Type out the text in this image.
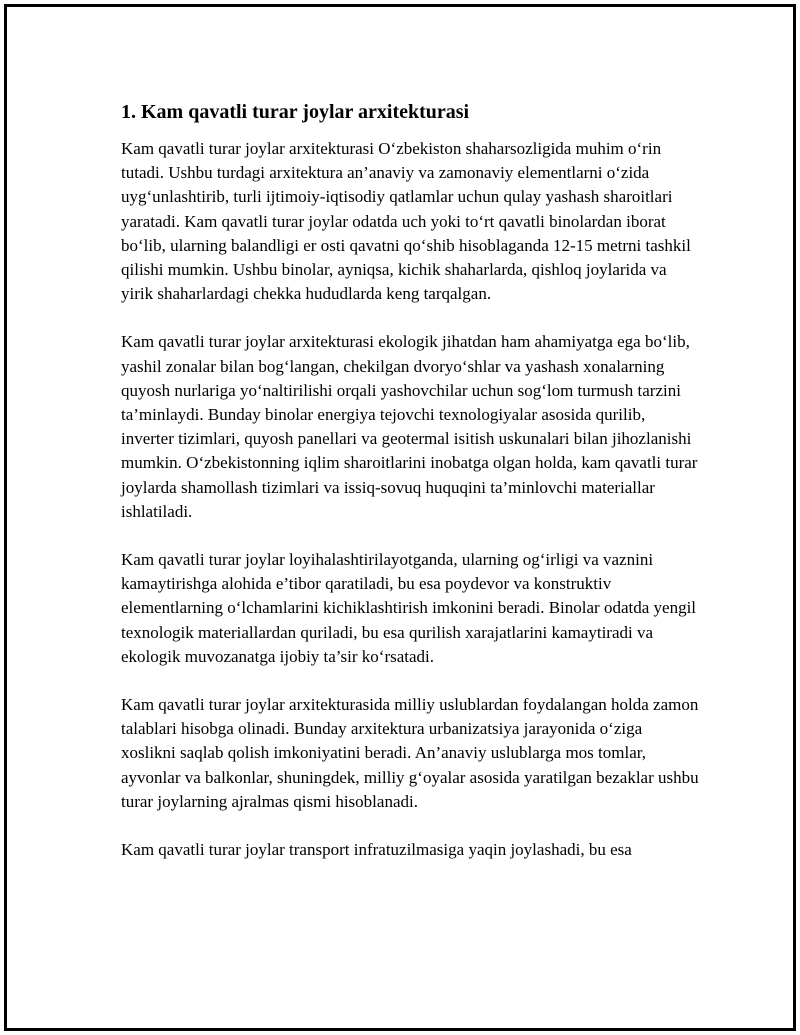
1. Kam qavatli turar joylar arxitekturasi

Kam qavatli turar joylar arxitekturasi O‘zbekiston shaharsozligida muhim o‘rin tutadi. Ushbu turdagi arxitektura an’anaviy va zamonaviy elementlarni o‘zida uyg‘unlashtirib, turli ijtimoiy-iqtisodiy qatlamlar uchun qulay yashash sharoitlari yaratadi. Kam qavatli turar joylar odatda uch yoki to‘rt qavatli binolardan iborat bo‘lib, ularning balandligi er osti qavatni qo‘shib hisoblaganda 12-15 metrni tashkil qilishi mumkin. Ushbu binolar, ayniqsa, kichik shaharlarda, qishloq joylarida va yirik shaharlardagi chekka hududlarda keng tarqalgan.

Kam qavatli turar joylar arxitekturasi ekologik jihatdan ham ahamiyatga ega bo‘lib, yashil zonalar bilan bog‘langan, chekilgan dvoryo‘shlar va yashash xonalarning quyosh nurlariga yo‘naltirilishi orqali yashovchilar uchun sog‘lom turmush tarzini ta’minlaydi. Bunday binolar energiya tejovchi texnologiyalar asosida qurilib, inverter tizimlari, quyosh panellari va geotermal isitish uskunalari bilan jihozlanishi mumkin. O‘zbekistonning iqlim sharoitlarini inobatga olgan holda, kam qavatli turar joylarda shamollash tizimlari va issiq-sovuq huquqini ta’minlovchi materiallar ishlatiladi.

Kam qavatli turar joylar loyihalashtirilayotganda, ularning og‘irligi va vaznini kamaytirishga alohida e’tibor qaratiladi, bu esa poydevor va konstruktiv elementlarning o‘lchamlarini kichiklashtirish imkonini beradi. Binolar odatda yengil texnologik materiallardan quriladi, bu esa qurilish xarajatlarini kamaytiradi va ekologik muvozanatga ijobiy ta’sir ko‘rsatadi.

Kam qavatli turar joylar arxitekturasida milliy uslublardan foydalangan holda zamon talablari hisobga olinadi. Bunday arxitektura urbanizatsiya jarayonida o‘ziga xoslikni saqlab qolish imkoniyatini beradi. An’anaviy uslublarga mos tomlar, ayvonlar va balkonlar, shuningdek, milliy g‘oyalar asosida yaratilgan bezaklar ushbu turar joylarning ajralmas qismi hisoblanadi.

Kam qavatli turar joylar transport infratuzilmasiga yaqin joylashadi, bu esa
